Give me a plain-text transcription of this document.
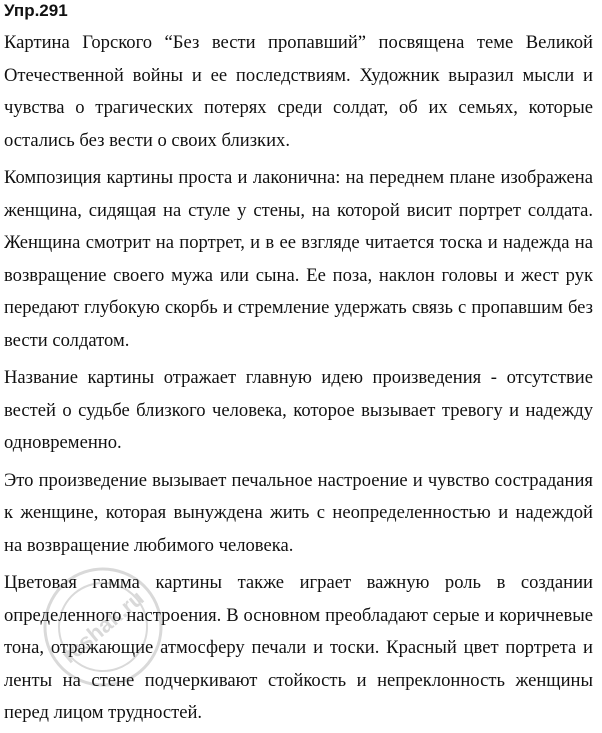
Упр.291

Картина Горского “Без вести пропавший” посвящена теме Великой Отечественной войны и ее последствиям. Художник выразил мысли и чувства о трагических потерях среди солдат, об их семьях, которые остались без вести о своих близких.

Композиция картины проста и лаконична: на переднем плане изображена женщина, сидящая на стуле у стены, на которой висит портрет солдата. Женщина смотрит на портрет, и в ее взгляде читается тоска и надежда на возвращение своего мужа или сына. Ее поза, наклон головы и жест рук передают глубокую скорбь и стремление удержать связь с пропавшим без вести солдатом.

Название картины отражает главную идею произведения - отсутствие вестей о судьбе близкого человека, которое вызывает тревогу и надежду одновременно.

Это произведение вызывает печальное настроение и чувство сострадания к женщине, которая вынуждена жить с неопределенностью и надеждой на возвращение любимого человека.

Цветовая гамма картины также играет важную роль в создании определенного настроения. В основном преобладают серые и коричневые тона, отражающие атмосферу печали и тоски. Красный цвет портрета и ленты на стене подчеркивают стойкость и непреклонность женщины перед лицом трудностей.

reshak.ru
